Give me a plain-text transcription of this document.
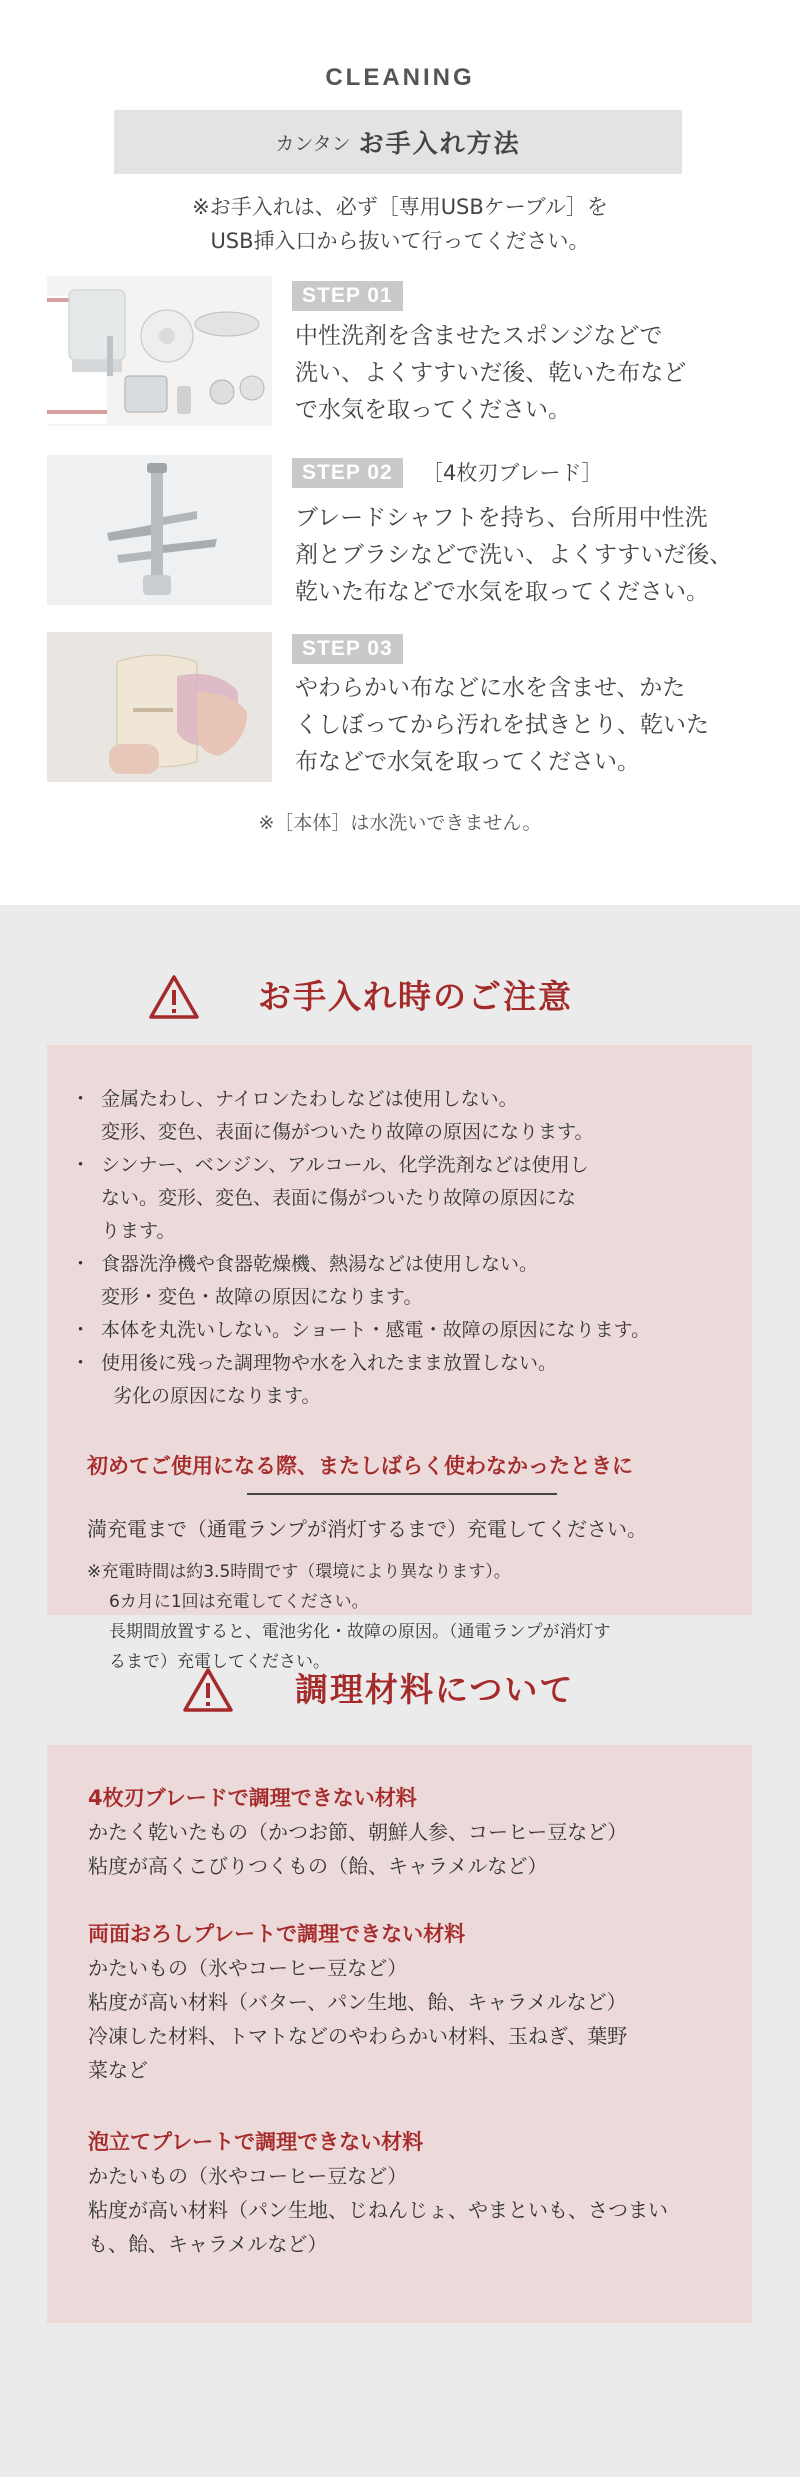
CLEANING
カンタン お手入れ方法
※お手入れは、必ず［専用USBケーブル］を
USB挿入口から抜いて行ってください。
STEP 01
中性洗剤を含ませたスポンジなどで
洗い、よくすすいだ後、乾いた布など
で水気を取ってください。
STEP 02	［4枚刃ブレード］
ブレードシャフトを持ち、台所用中性洗
剤とブラシなどで洗い、よくすすいだ後、
乾いた布などで水気を取ってください。
STEP 03
やわらかい布などに水を含ませ、かた
くしぼってから汚れを拭きとり、乾いた
布などで水気を取ってください。
※［本体］は水洗いできません。
お手入れ時のご注意
・ 金属たわし、ナイロンたわしなどは使用しない。
変形、変色、表面に傷がついたり故障の原因になります。
・ シンナー、ベンジン、アルコール、化学洗剤などは使用し
ない。変形、変色、表面に傷がついたり故障の原因にな
ります。
・ 食器洗浄機や食器乾燥機、熱湯などは使用しない。
変形・変色・故障の原因になります。
・ 本体を丸洗いしない。ショート・感電・故障の原因になります。
・ 使用後に残った調理物や水を入れたまま放置しない。
劣化の原因になります。
初めてご使用になる際、またしばらく使わなかったときに
満充電まで（通電ランプが消灯するまで）充電してください。
※充電時間は約3.5時間です（環境により異なります）。
6カ月に1回は充電してください。
長期間放置すると、電池劣化・故障の原因。（通電ランプが消灯す
るまで）充電してください。
調理材料について
4枚刃ブレードで調理できない材料
かたく乾いたもの（かつお節、朝鮮人参、コーヒー豆など）
粘度が高くこびりつくもの（飴、キャラメルなど）
両面おろしプレートで調理できない材料
かたいもの（氷やコーヒー豆など）
粘度が高い材料（バター、パン生地、飴、キャラメルなど）
冷凍した材料、トマトなどのやわらかい材料、玉ねぎ、葉野
菜など
泡立てプレートで調理できない材料
かたいもの（氷やコーヒー豆など）
粘度が高い材料（パン生地、じねんじょ、やまといも、さつまい
も、飴、キャラメルなど）
